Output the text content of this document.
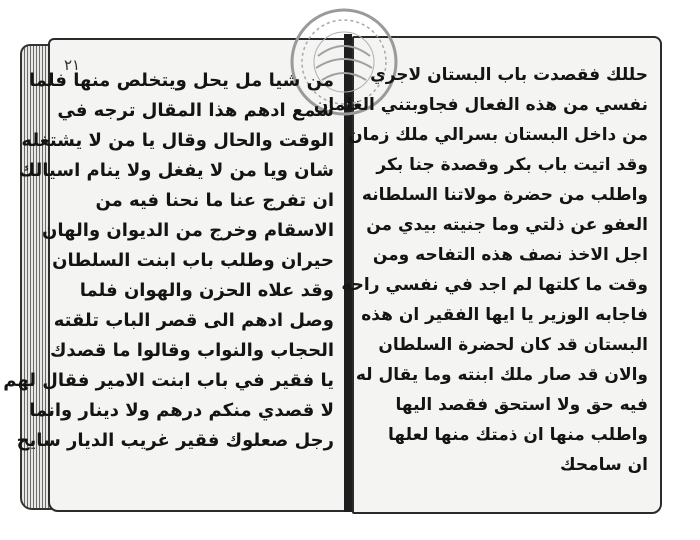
٢١
من شيا مل يحل ويتخلص منها فلما
سمع ادهم هذا المقال ترجه في
الوقت والحال وقال يا من لا يشتغله
شان ويا من لا يفغل ولا ينام اسيالك
ان تفرج عنا ما نحنا فيه من
الاسقام وخرج من الديوان والهان
حيران وطلب باب ابنت السلطان
وقد علاه الحزن والهوان فلما
وصل ادهم الى قصر الباب تلقته
الحجاب والنواب وقالوا ما قصدك
يا فقير في باب ابنت الامير فقال لهم
لا قصدي منكم درهم ولا دينار وانما
رجل صعلوك فقير غريب الديار سايح
حللك فقصدت باب البستان لاجري
نفسي من هذه الفعال فجاوبتني الغلمان
من داخل البستان بسرالي ملك زمان
وقد اتيت باب بكر وقصدة جنا بكر
واطلب من حضرة مولاتنا السلطانه
العفو عن ذلتي وما جنيته بيدي من
اجل الاخذ نصف هذه التفاحه ومن
وقت ما كلتها لم اجد في نفسي راحه
فاجابه الوزير يا ايها الفقير ان هذه
البستان قد كان لحضرة السلطان
والان قد صار ملك ابنته وما يقال له
فيه حق ولا استحق فقصد اليها
واطلب منها ان ذمتك منها لعلها
ان سامحك
